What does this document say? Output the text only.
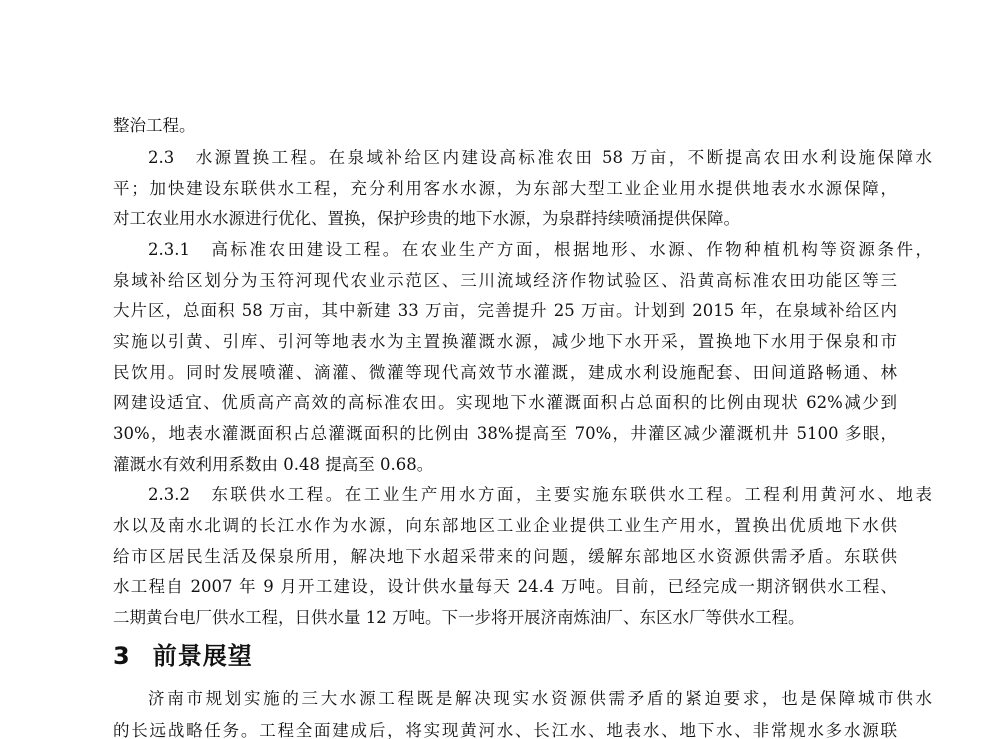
整治工程。
2.3　水源置换工程。在泉域补给区内建设高标准农田 58 万亩，不断提高农田水利设施保障水
平；加快建设东联供水工程，充分利用客水水源，为东部大型工业企业用水提供地表水水源保障，
对工农业用水水源进行优化、置换，保护珍贵的地下水源，为泉群持续喷涌提供保障。
2.3.1　高标准农田建设工程。在农业生产方面，根据地形、水源、作物种植机构等资源条件，
泉域补给区划分为玉符河现代农业示范区、三川流域经济作物试验区、沿黄高标准农田功能区等三
大片区，总面积 58 万亩，其中新建 33 万亩，完善提升 25 万亩。计划到 2015 年，在泉域补给区内
实施以引黄、引库、引河等地表水为主置换灌溉水源，减少地下水开采，置换地下水用于保泉和市
民饮用。同时发展喷灌、滴灌、微灌等现代高效节水灌溉，建成水利设施配套、田间道路畅通、林
网建设适宜、优质高产高效的高标准农田。实现地下水灌溉面积占总面积的比例由现状 62%减少到
30%，地表水灌溉面积占总灌溉面积的比例由 38%提高至 70%，井灌区减少灌溉机井 5100 多眼，
灌溉水有效利用系数由 0.48 提高至 0.68。
2.3.2　东联供水工程。在工业生产用水方面，主要实施东联供水工程。工程利用黄河水、地表
水以及南水北调的长江水作为水源，向东部地区工业企业提供工业生产用水，置换出优质地下水供
给市区居民生活及保泉所用，解决地下水超采带来的问题，缓解东部地区水资源供需矛盾。东联供
水工程自 2007 年 9 月开工建设，设计供水量每天 24.4 万吨。目前，已经完成一期济钢供水工程、
二期黄台电厂供水工程，日供水量 12 万吨。下一步将开展济南炼油厂、东区水厂等供水工程。
3 前景展望
济南市规划实施的三大水源工程既是解决现实水资源供需矛盾的紧迫要求，也是保障城市供水
的长远战略任务。工程全面建成后，将实现黄河水、长江水、地表水、地下水、非常规水多水源联
